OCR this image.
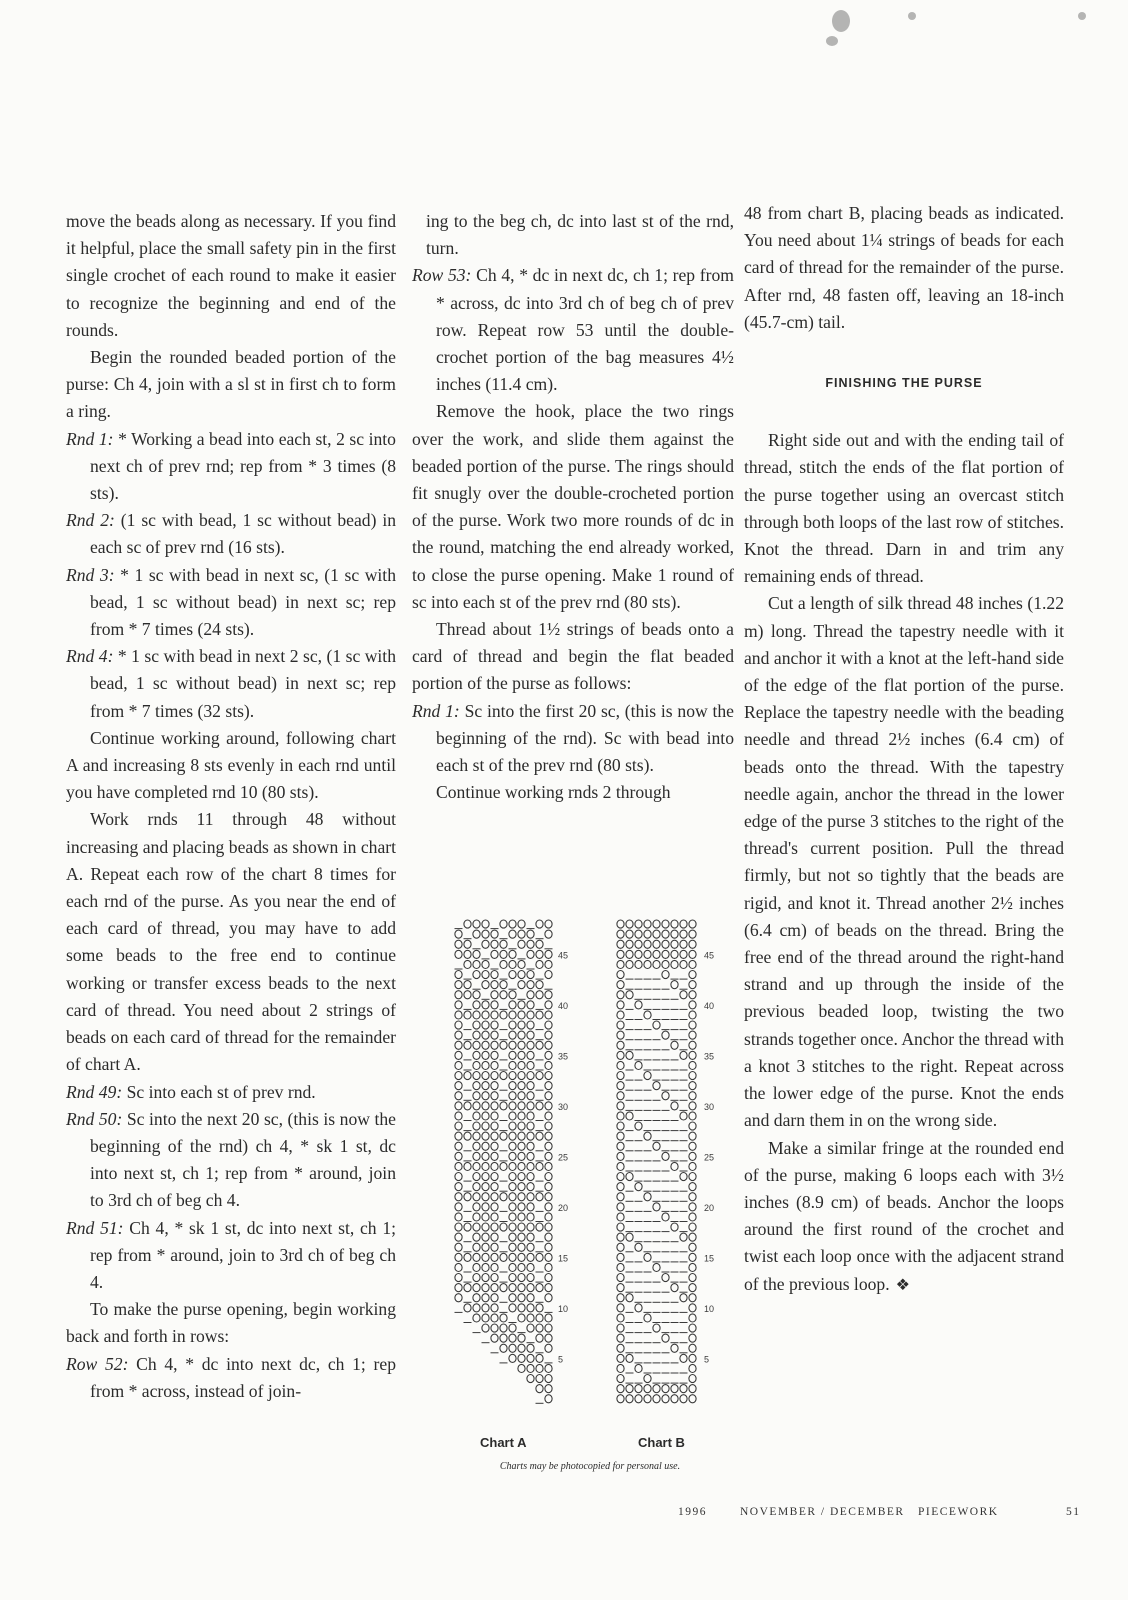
move the beads along as necessary. If you find it helpful, place the small safety pin in the first single crochet of each round to make it easier to recognize the beginning and end of the rounds.

Begin the rounded beaded portion of the purse: Ch 4, join with a sl st in first ch to form a ring.

Rnd 1: * Working a bead into each st, 2 sc into next ch of prev rnd; rep from * 3 times (8 sts).

Rnd 2: (1 sc with bead, 1 sc without bead) in each sc of prev rnd (16 sts).

Rnd 3: * 1 sc with bead in next sc, (1 sc with bead, 1 sc without bead) in next sc; rep from * 7 times (24 sts).

Rnd 4: * 1 sc with bead in next 2 sc, (1 sc with bead, 1 sc without bead) in next sc; rep from * 7 times (32 sts).

Continue working around, following chart A and increasing 8 sts evenly in each rnd until you have completed rnd 10 (80 sts).

Work rnds 11 through 48 without increasing and placing beads as shown in chart A. Repeat each row of the chart 8 times for each rnd of the purse. As you near the end of each card of thread, you may have to add some beads to the free end to continue working or transfer excess beads to the next card of thread. You need about 2 strings of beads on each card of thread for the remainder of chart A.

Rnd 49: Sc into each st of prev rnd.

Rnd 50: Sc into the next 20 sc, (this is now the beginning of the rnd) ch 4, * sk 1 st, dc into next st, ch 1; rep from * around, join to 3rd ch of beg ch 4.

Rnd 51: Ch 4, * sk 1 st, dc into next st, ch 1; rep from * around, join to 3rd ch of beg ch 4.

To make the purse opening, begin working back and forth in rows:

Row 52: Ch 4, * dc into next dc, ch 1; rep from * across, instead of join-

ing to the beg ch, dc into last st of the rnd, turn.

Row 53: Ch 4, * dc in next dc, ch 1; rep from * across, dc into 3rd ch of beg ch of prev row. Repeat row 53 until the double-crochet portion of the bag measures 4½ inches (11.4 cm).

Remove the hook, place the two rings over the work, and slide them against the beaded portion of the purse. The rings should fit snugly over the double-crocheted portion of the purse. Work two more rounds of dc in the round, matching the end already worked, to close the purse opening. Make 1 round of sc into each st of the prev rnd (80 sts).

Thread about 1½ strings of beads onto a card of thread and begin the flat beaded portion of the purse as follows:

Rnd 1: Sc into the first 20 sc, (this is now the beginning of the rnd). Sc with bead into each st of the prev rnd (80 sts).

Continue working rnds 2 through

48 from chart B, placing beads as indicated. You need about 1¼ strings of beads for each card of thread for the remainder of the purse. After rnd, 48 fasten off, leaving an 18-inch (45.7-cm) tail.

FINISHING THE PURSE

Right side out and with the ending tail of thread, stitch the ends of the flat portion of the purse together using an overcast stitch through both loops of the last row of stitches. Knot the thread. Darn in and trim any remaining ends of thread.

Cut a length of silk thread 48 inches (1.22 m) long. Thread the tapestry needle with it and anchor it with a knot at the left-hand side of the edge of the flat portion of the purse. Replace the tapestry needle with the beading needle and thread 2½ inches (6.4 cm) of beads onto the thread. With the tapestry needle again, anchor the thread in the lower edge of the purse 3 stitches to the right of the thread's current position. Pull the thread firmly, but not so tightly that the beads are rigid, and knot it. Thread another 2½ inches (6.4 cm) of beads on the thread. Bring the free end of the thread around the right-hand strand and up through the inside of the previous beaded loop, twisting the two strands together once. Anchor the thread with a knot 3 stitches to the right. Repeat across the lower edge of the purse. Knot the ends and darn them in on the wrong side.

Make a similar fringe at the rounded end of the purse, making 6 loops each with 3½ inches (8.9 cm) of beads. Anchor the loops around the first round of the crochet and twist each loop once with the adjacent strand of the previous loop. ❖

45
40
35
30
25
20
15
10
5
45
40
35
30
25
20
15
10
5
Chart A	Chart B
Charts may be photocopied for personal use.
1996	NOVEMBER / DECEMBER PIECEWORK	51
